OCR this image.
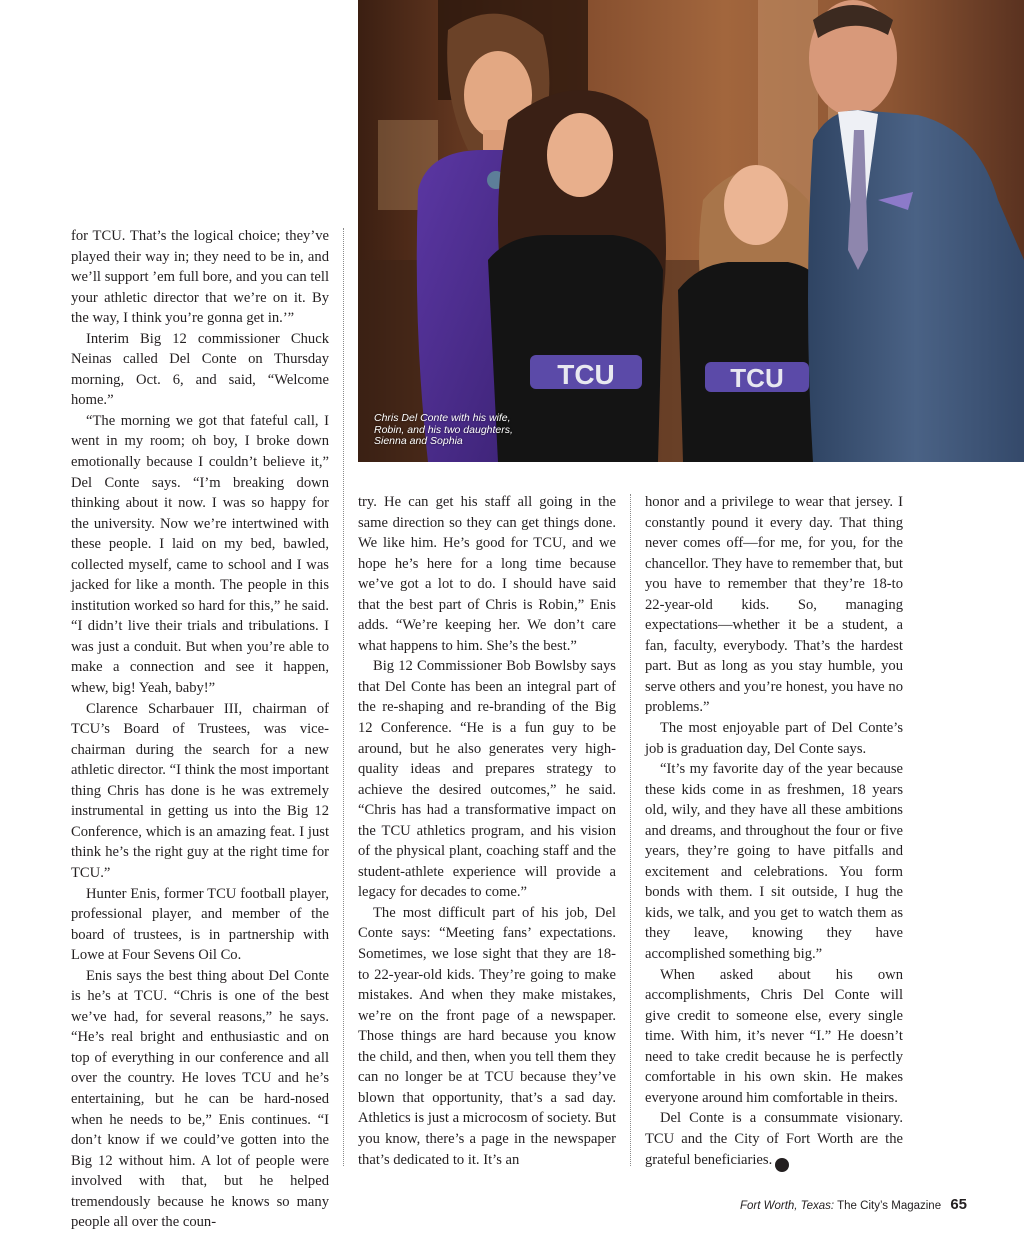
TCU	TCU
Chris Del Conte with his wife, Robin, and his two daughters, Sienna and Sophia

for TCU. That’s the logical choice; they’ve played their way in; they need to be in, and we’ll support ’em full bore, and you can tell your athletic director that we’re on it. By the way, I think you’re gonna get in.’”

Interim Big 12 commissioner Chuck Neinas called Del Conte on Thursday morning, Oct. 6, and said, “Welcome home.”

“The morning we got that fateful call, I went in my room; oh boy, I broke down emotionally because I couldn’t believe it,” Del Conte says. “I’m breaking down thinking about it now. I was so happy for the university. Now we’re intertwined with these people. I laid on my bed, bawled, collected myself, came to school and I was jacked for like a month. The people in this institution worked so hard for this,” he said. “I didn’t live their trials and tribulations. I was just a conduit. But when you’re able to make a connection and see it happen, whew, big! Yeah, baby!”

Clarence Scharbauer III, chairman of TCU’s Board of Trustees, was vice-chairman during the search for a new athletic director. “I think the most important thing Chris has done is he was extremely instrumental in getting us into the Big 12 Conference, which is an amazing feat. I just think he’s the right guy at the right time for TCU.”

Hunter Enis, former TCU football player, professional player, and member of the board of trustees, is in partnership with Lowe at Four Sevens Oil Co.

Enis says the best thing about Del Conte is he’s at TCU. “Chris is one of the best we’ve had, for several reasons,” he says. “He’s real bright and enthusiastic and on top of everything in our conference and all over the country. He loves TCU and he’s entertaining, but he can be hard-nosed when he needs to be,” Enis continues. “I don’t know if we could’ve gotten into the Big 12 without him. A lot of people were involved with that, but he helped tremendously because he knows so many people all over the coun-

try. He can get his staff all going in the same direction so they can get things done. We like him. He’s good for TCU, and we hope he’s here for a long time because we’ve got a lot to do. I should have said that the best part of Chris is Robin,” Enis adds. “We’re keeping her. We don’t care what happens to him. She’s the best.”

Big 12 Commissioner Bob Bowlsby says that Del Conte has been an integral part of the re-shaping and re-branding of the Big 12 Conference. “He is a fun guy to be around, but he also generates very high-quality ideas and prepares strategy to achieve the desired outcomes,” he said. “Chris has had a transformative impact on the TCU athletics program, and his vision of the physical plant, coaching staff and the student-athlete experience will provide a legacy for decades to come.”

The most difficult part of his job, Del Conte says: “Meeting fans’ expectations. Sometimes, we lose sight that they are 18-to 22-year-old kids. They’re going to make mistakes. And when they make mistakes, we’re on the front page of a newspaper. Those things are hard because you know the child, and then, when you tell them they can no longer be at TCU because they’ve blown that opportunity, that’s a sad day. Athletics is just a microcosm of society. But you know, there’s a page in the newspaper that’s dedicated to it. It’s an

honor and a privilege to wear that jersey. I constantly pound it every day. That thing never comes off—for me, for you, for the chancellor. They have to remember that, but you have to remember that they’re 18-to 22-year-old kids. So, managing expectations—whether it be a student, a fan, faculty, everybody. That’s the hardest part. But as long as you stay humble, you serve others and you’re honest, you have no problems.”

The most enjoyable part of Del Conte’s job is graduation day, Del Conte says.

“It’s my favorite day of the year because these kids come in as freshmen, 18 years old, wily, and they have all these ambitions and dreams, and throughout the four or five years, they’re going to have pitfalls and excitement and celebrations. You form bonds with them. I sit outside, I hug the kids, we talk, and you get to watch them as they leave, knowing they have accomplished something big.”

When asked about his own accomplishments, Chris Del Conte will give credit to someone else, every single time. With him, it’s never “I.” He doesn’t need to take credit because he is perfectly comfortable in his own skin. He makes everyone around him comfortable in theirs.

Del Conte is a consummate visionary. TCU and the City of Fort Worth are the grateful beneficiaries.	FW

Fort Worth, Texas: The City’s Magazine 65
